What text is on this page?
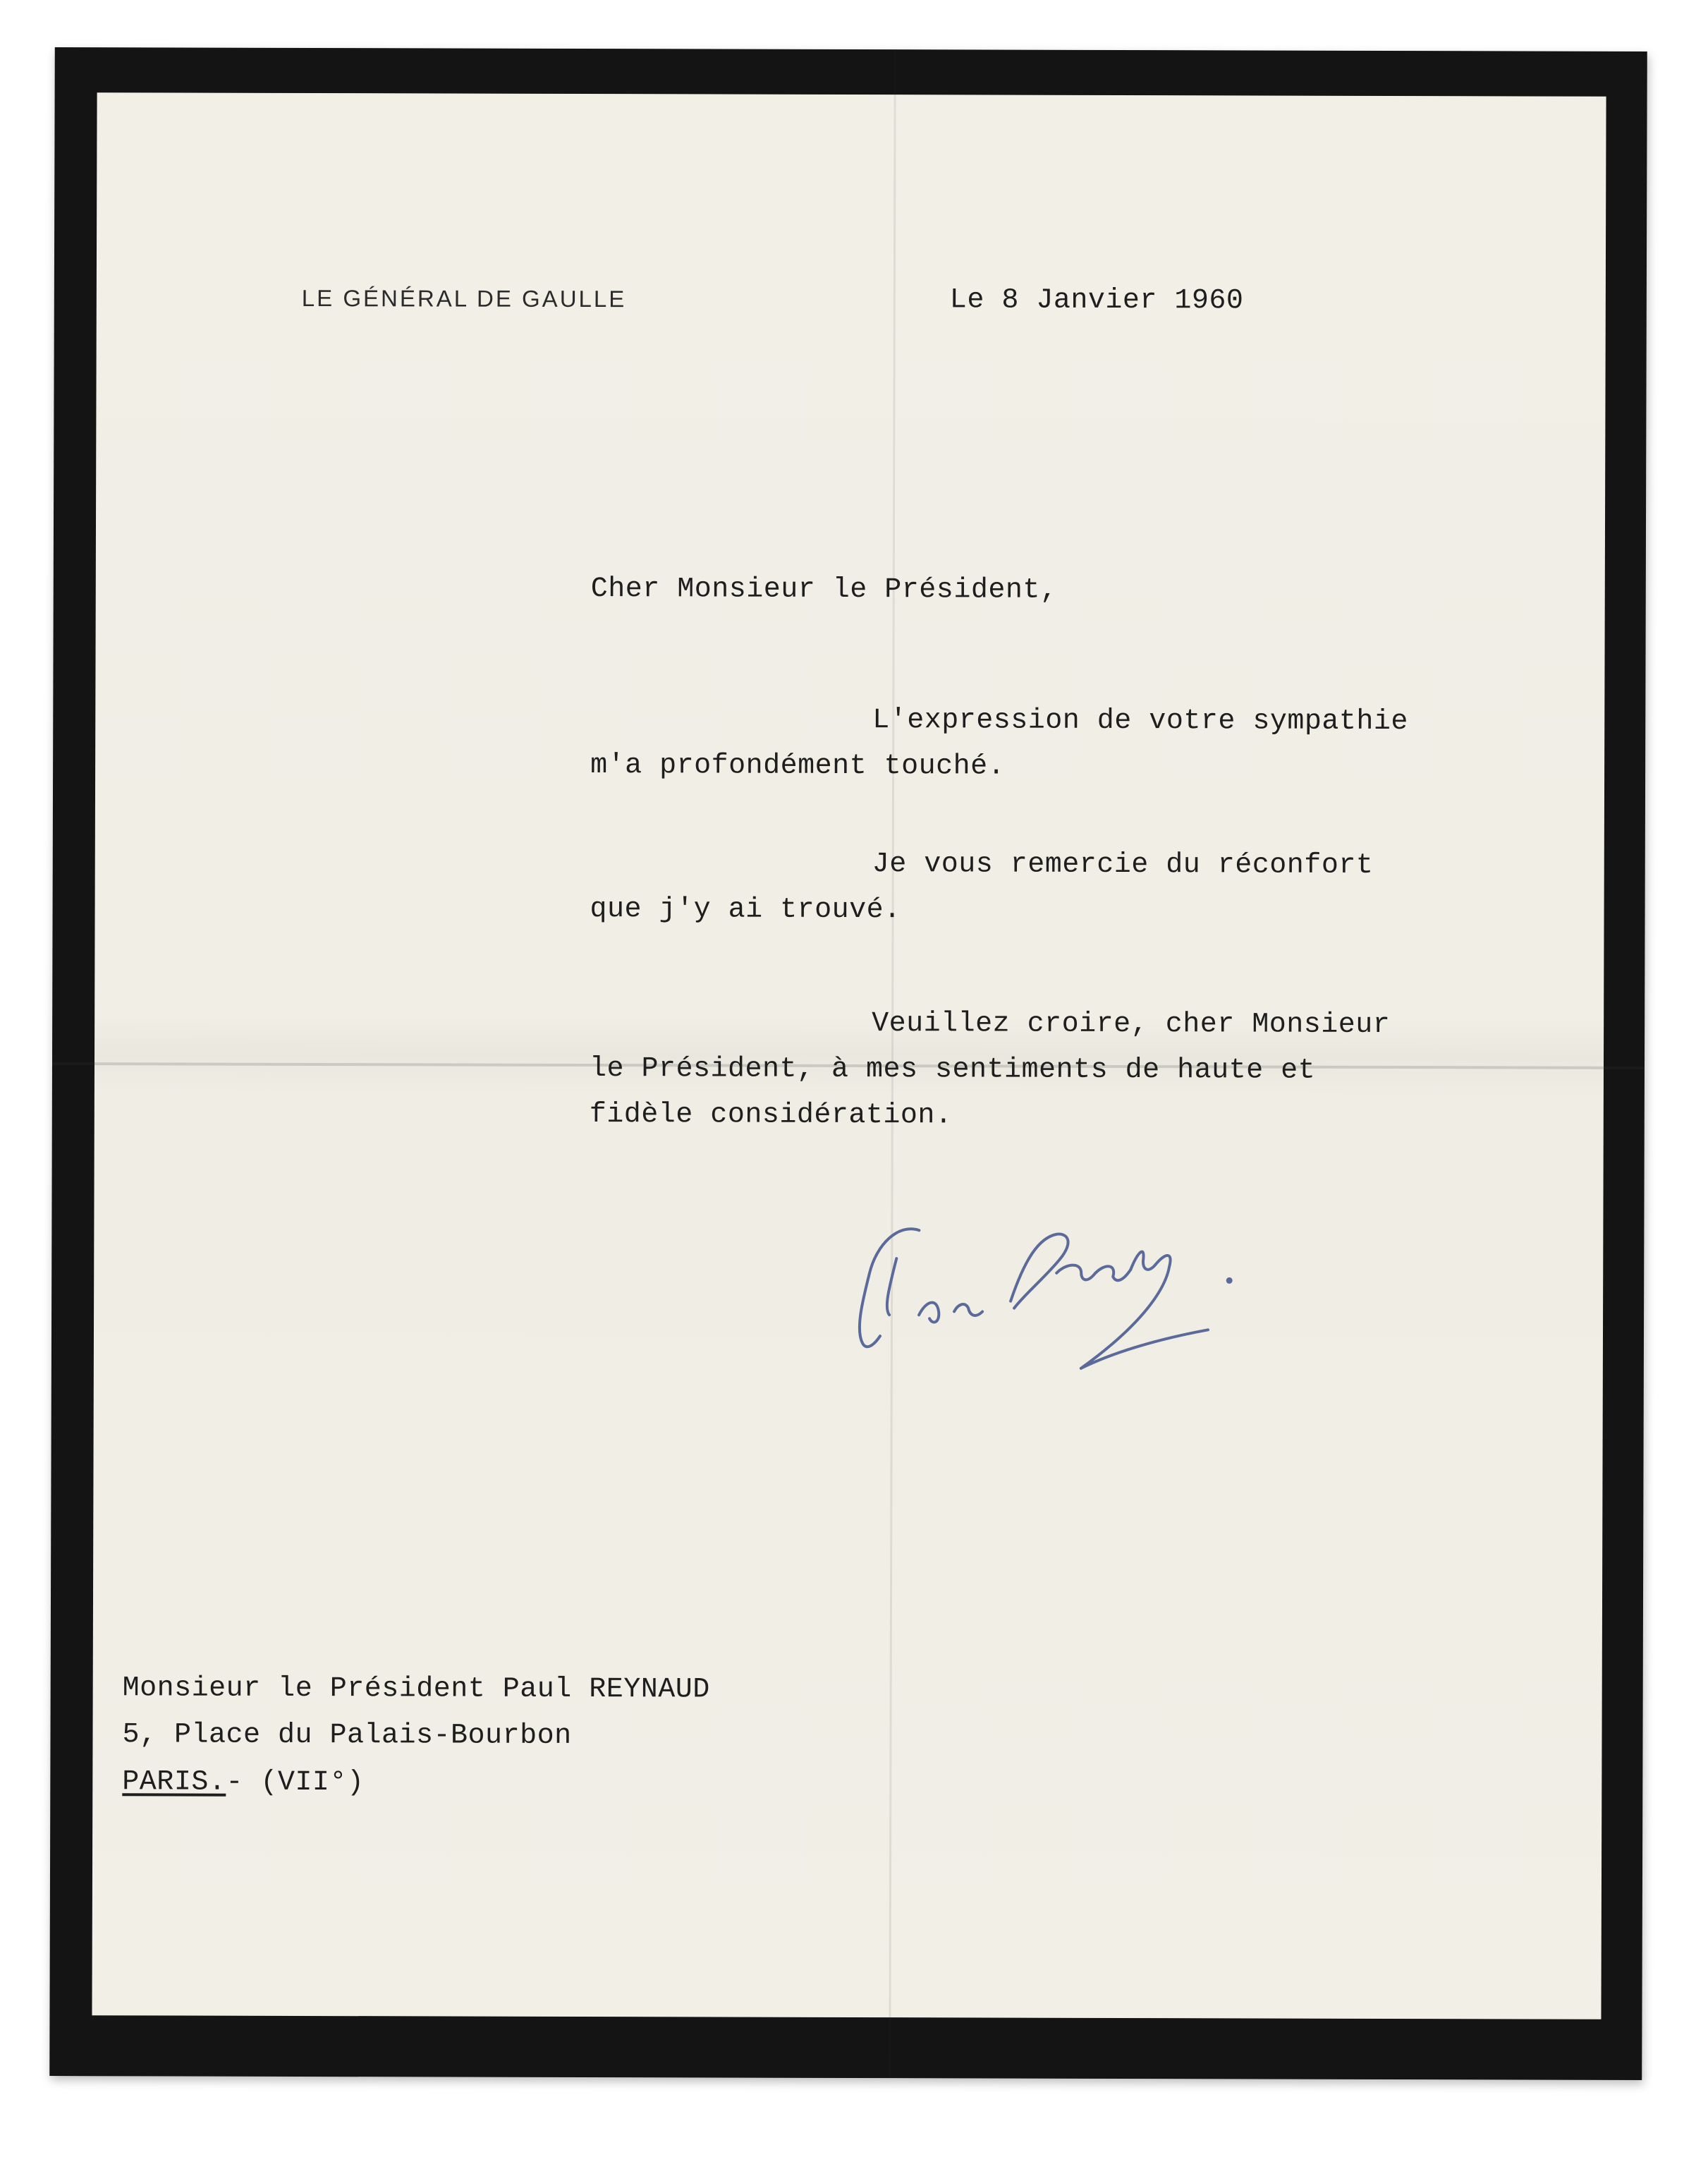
LE GÉNÉRAL DE GAULLE	Le 8 Janvier 1960
Cher Monsieur le Président,
L'expression de votre sympathie
m'a profondément touché.
Je vous remercie du réconfort
que j'y ai trouvé.
Veuillez croire, cher Monsieur
le Président, à mes sentiments de haute et
fidèle considération.
Monsieur le Président Paul REYNAUD
5, Place du Palais-Bourbon
PARIS.- (VII°)
